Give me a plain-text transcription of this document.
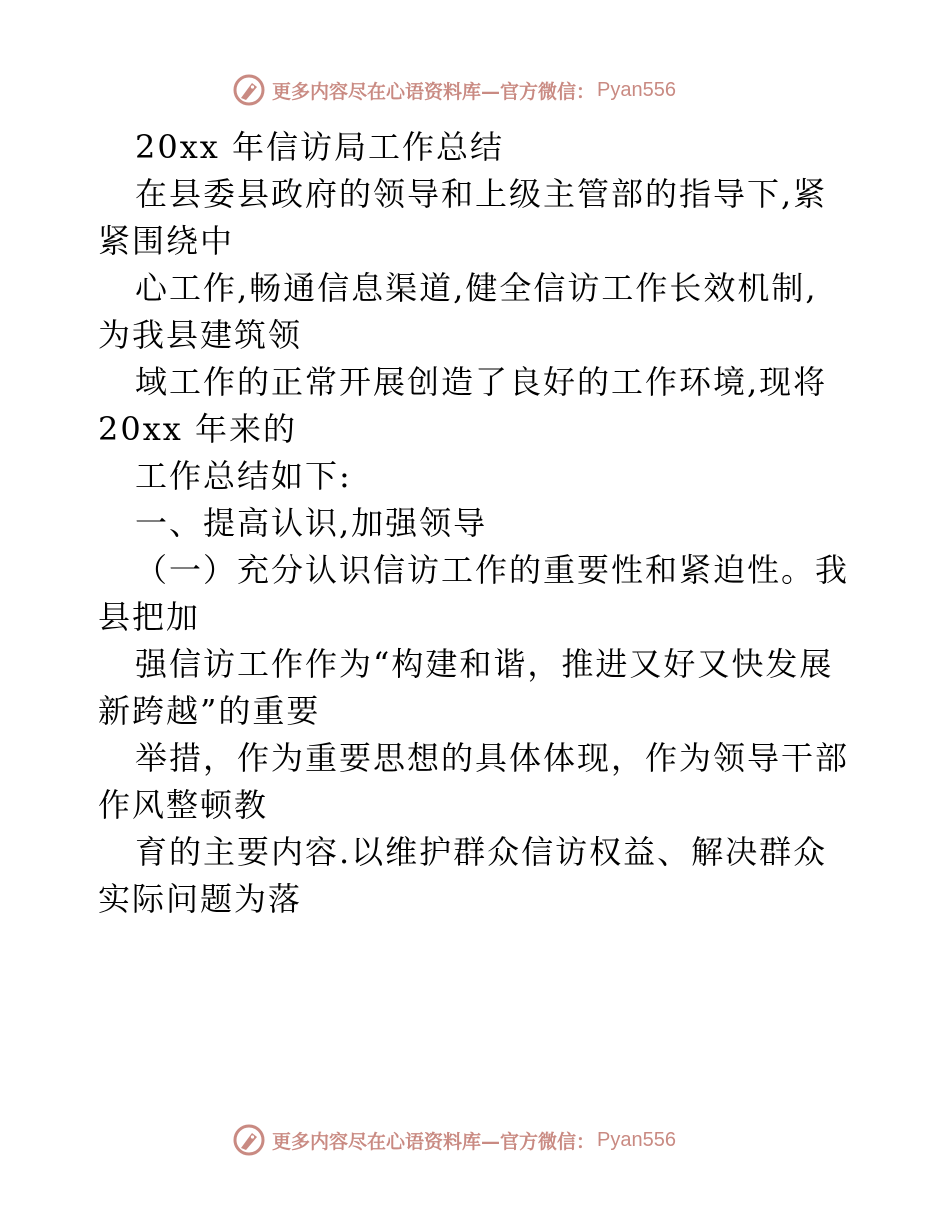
更多内容尽在心语资料库—官方微信： Pyan556
20xx 年信访局工作总结
在县委县政府的领导和上级主管部的指导下,紧
紧围绕中
心工作,畅通信息渠道,健全信访工作长效机制,
为我县建筑领
域工作的正常开展创造了良好的工作环境,现将
20xx 年来的
工作总结如下:
一、提高认识,加强领导
（一）充分认识信访工作的重要性和紧迫性。我
县把加
强信访工作作为“构建和谐，推进又好又快发展
新跨越”的重要
举措，作为重要思想的具体体现，作为领导干部
作风整顿教
育的主要内容.以维护群众信访权益、解决群众
实际问题为落
更多内容尽在心语资料库—官方微信： Pyan556
